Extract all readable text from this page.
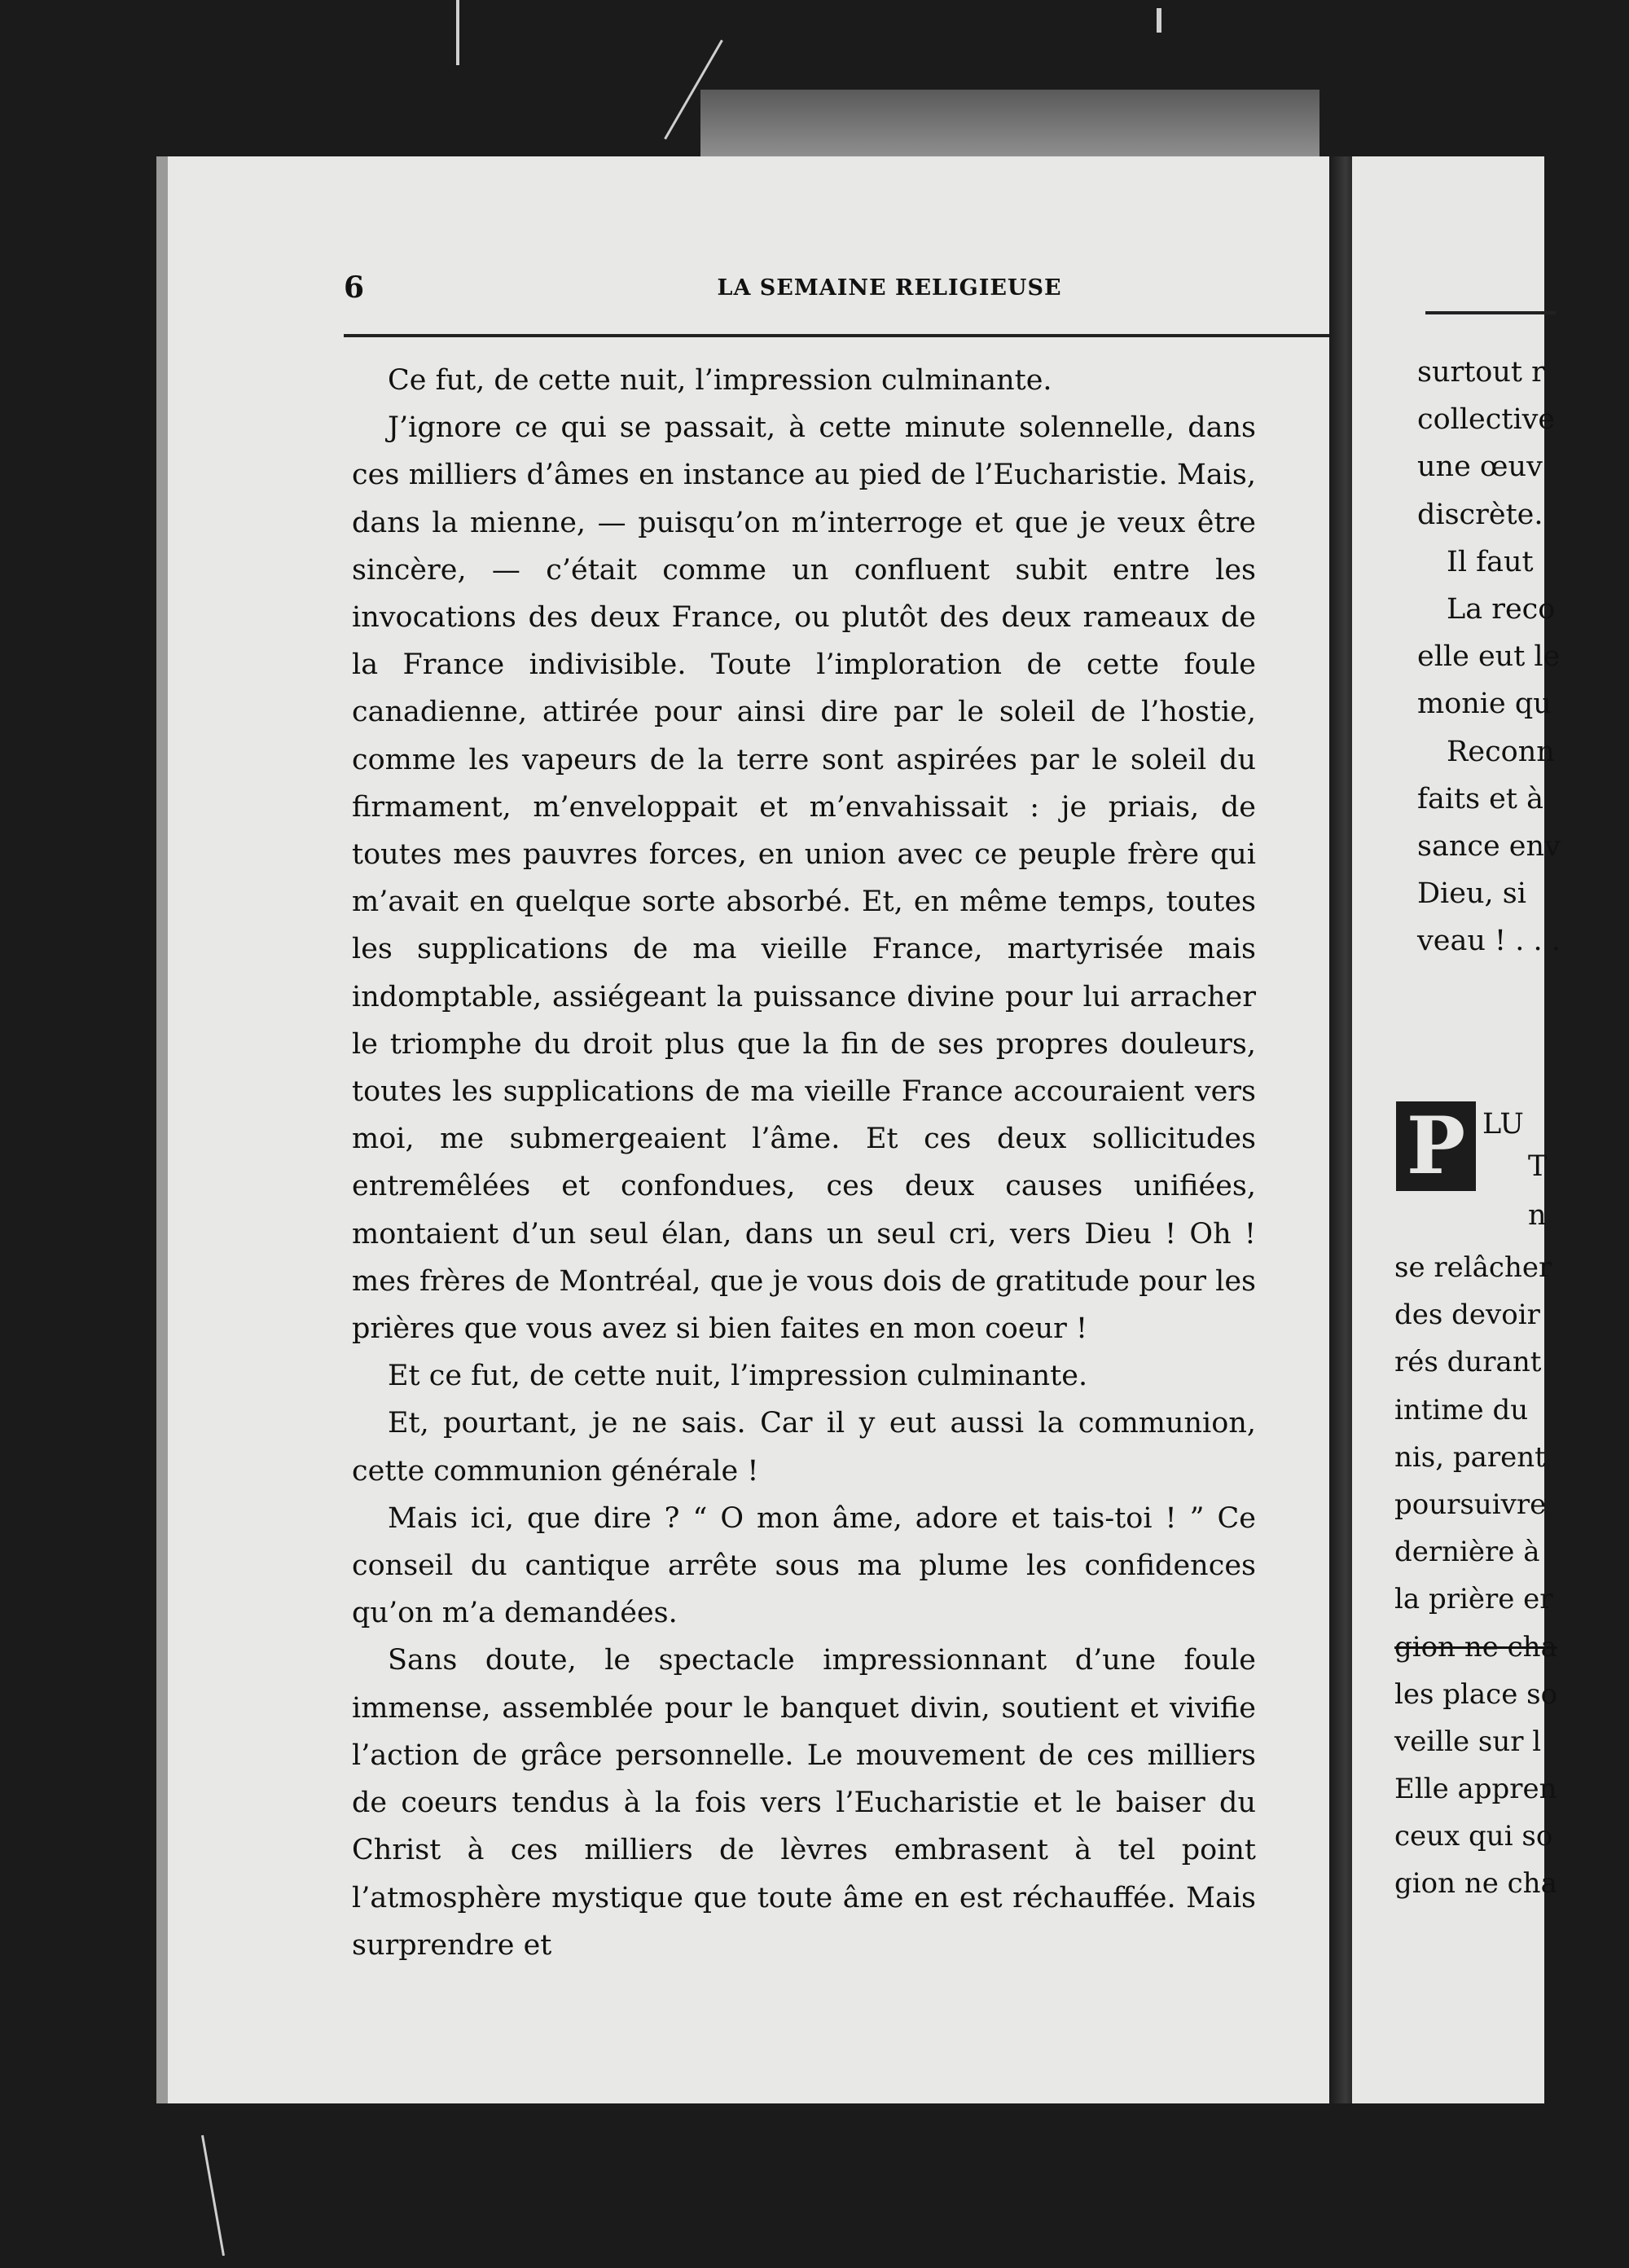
6	LA SEMAINE RELIGIEUSE

Ce fut, de cette nuit, l’impression culminante.

J’ignore ce qui se passait, à cette minute solennelle, dans ces milliers d’âmes en instance au pied de l’Eucharistie. Mais, dans la mienne, — puisqu’on m’interroge et que je veux être sincère, — c’était comme un confluent subit entre les invocations des deux France, ou plutôt des deux rameaux de la France indivisible. Toute l’imploration de cette foule canadienne, attirée pour ainsi dire par le soleil de l’hostie, comme les vapeurs de la terre sont aspirées par le soleil du firmament, m’enveloppait et m’envahissait : je priais, de toutes mes pauvres forces, en union avec ce peuple frère qui m’avait en quelque sorte absorbé. Et, en même temps, toutes les supplications de ma vieille France, martyrisée mais indomptable, assiégeant la puissance divine pour lui arracher le triomphe du droit plus que la fin de ses propres douleurs, toutes les supplications de ma vieille France accouraient vers moi, me submergeaient l’âme. Et ces deux sollicitudes entremêlées et confondues, ces deux causes unifiées, montaient d’un seul élan, dans un seul cri, vers Dieu ! Oh ! mes frères de Montréal, que je vous dois de gratitude pour les prières que vous avez si bien faites en mon coeur !

Et ce fut, de cette nuit, l’impression culminante.

Et, pourtant, je ne sais. Car il y eut aussi la communion, cette communion générale !

Mais ici, que dire ? “ O mon âme, adore et tais-toi ! ” Ce conseil du cantique arrête sous ma plume les confidences qu’on m’a demandées.

Sans doute, le spectacle impressionnant d’une foule immense, assemblée pour le banquet divin, soutient et vivifie l’action de grâce personnelle. Le mouvement de ces milliers de coeurs tendus à la fois vers l’Eucharistie et le baiser du Christ à ces milliers de lèvres embrasent à tel point l’atmosphère mystique que toute âme en est réchauffée. Mais surprendre et

surtout r
collective
une œuv
discrète.
Il faut
La reco
elle eut le
monie qu
Reconn
faits et à
sance env
Dieu, si
veau ! . . .
P LU
T
n
se relâcher
des devoir
rés durant
intime du
nis, parent
poursuivre
dernière à
la prière er
gion ne cha
les place so
veille sur l
Elle appren
ceux qui so
gion ne cha
